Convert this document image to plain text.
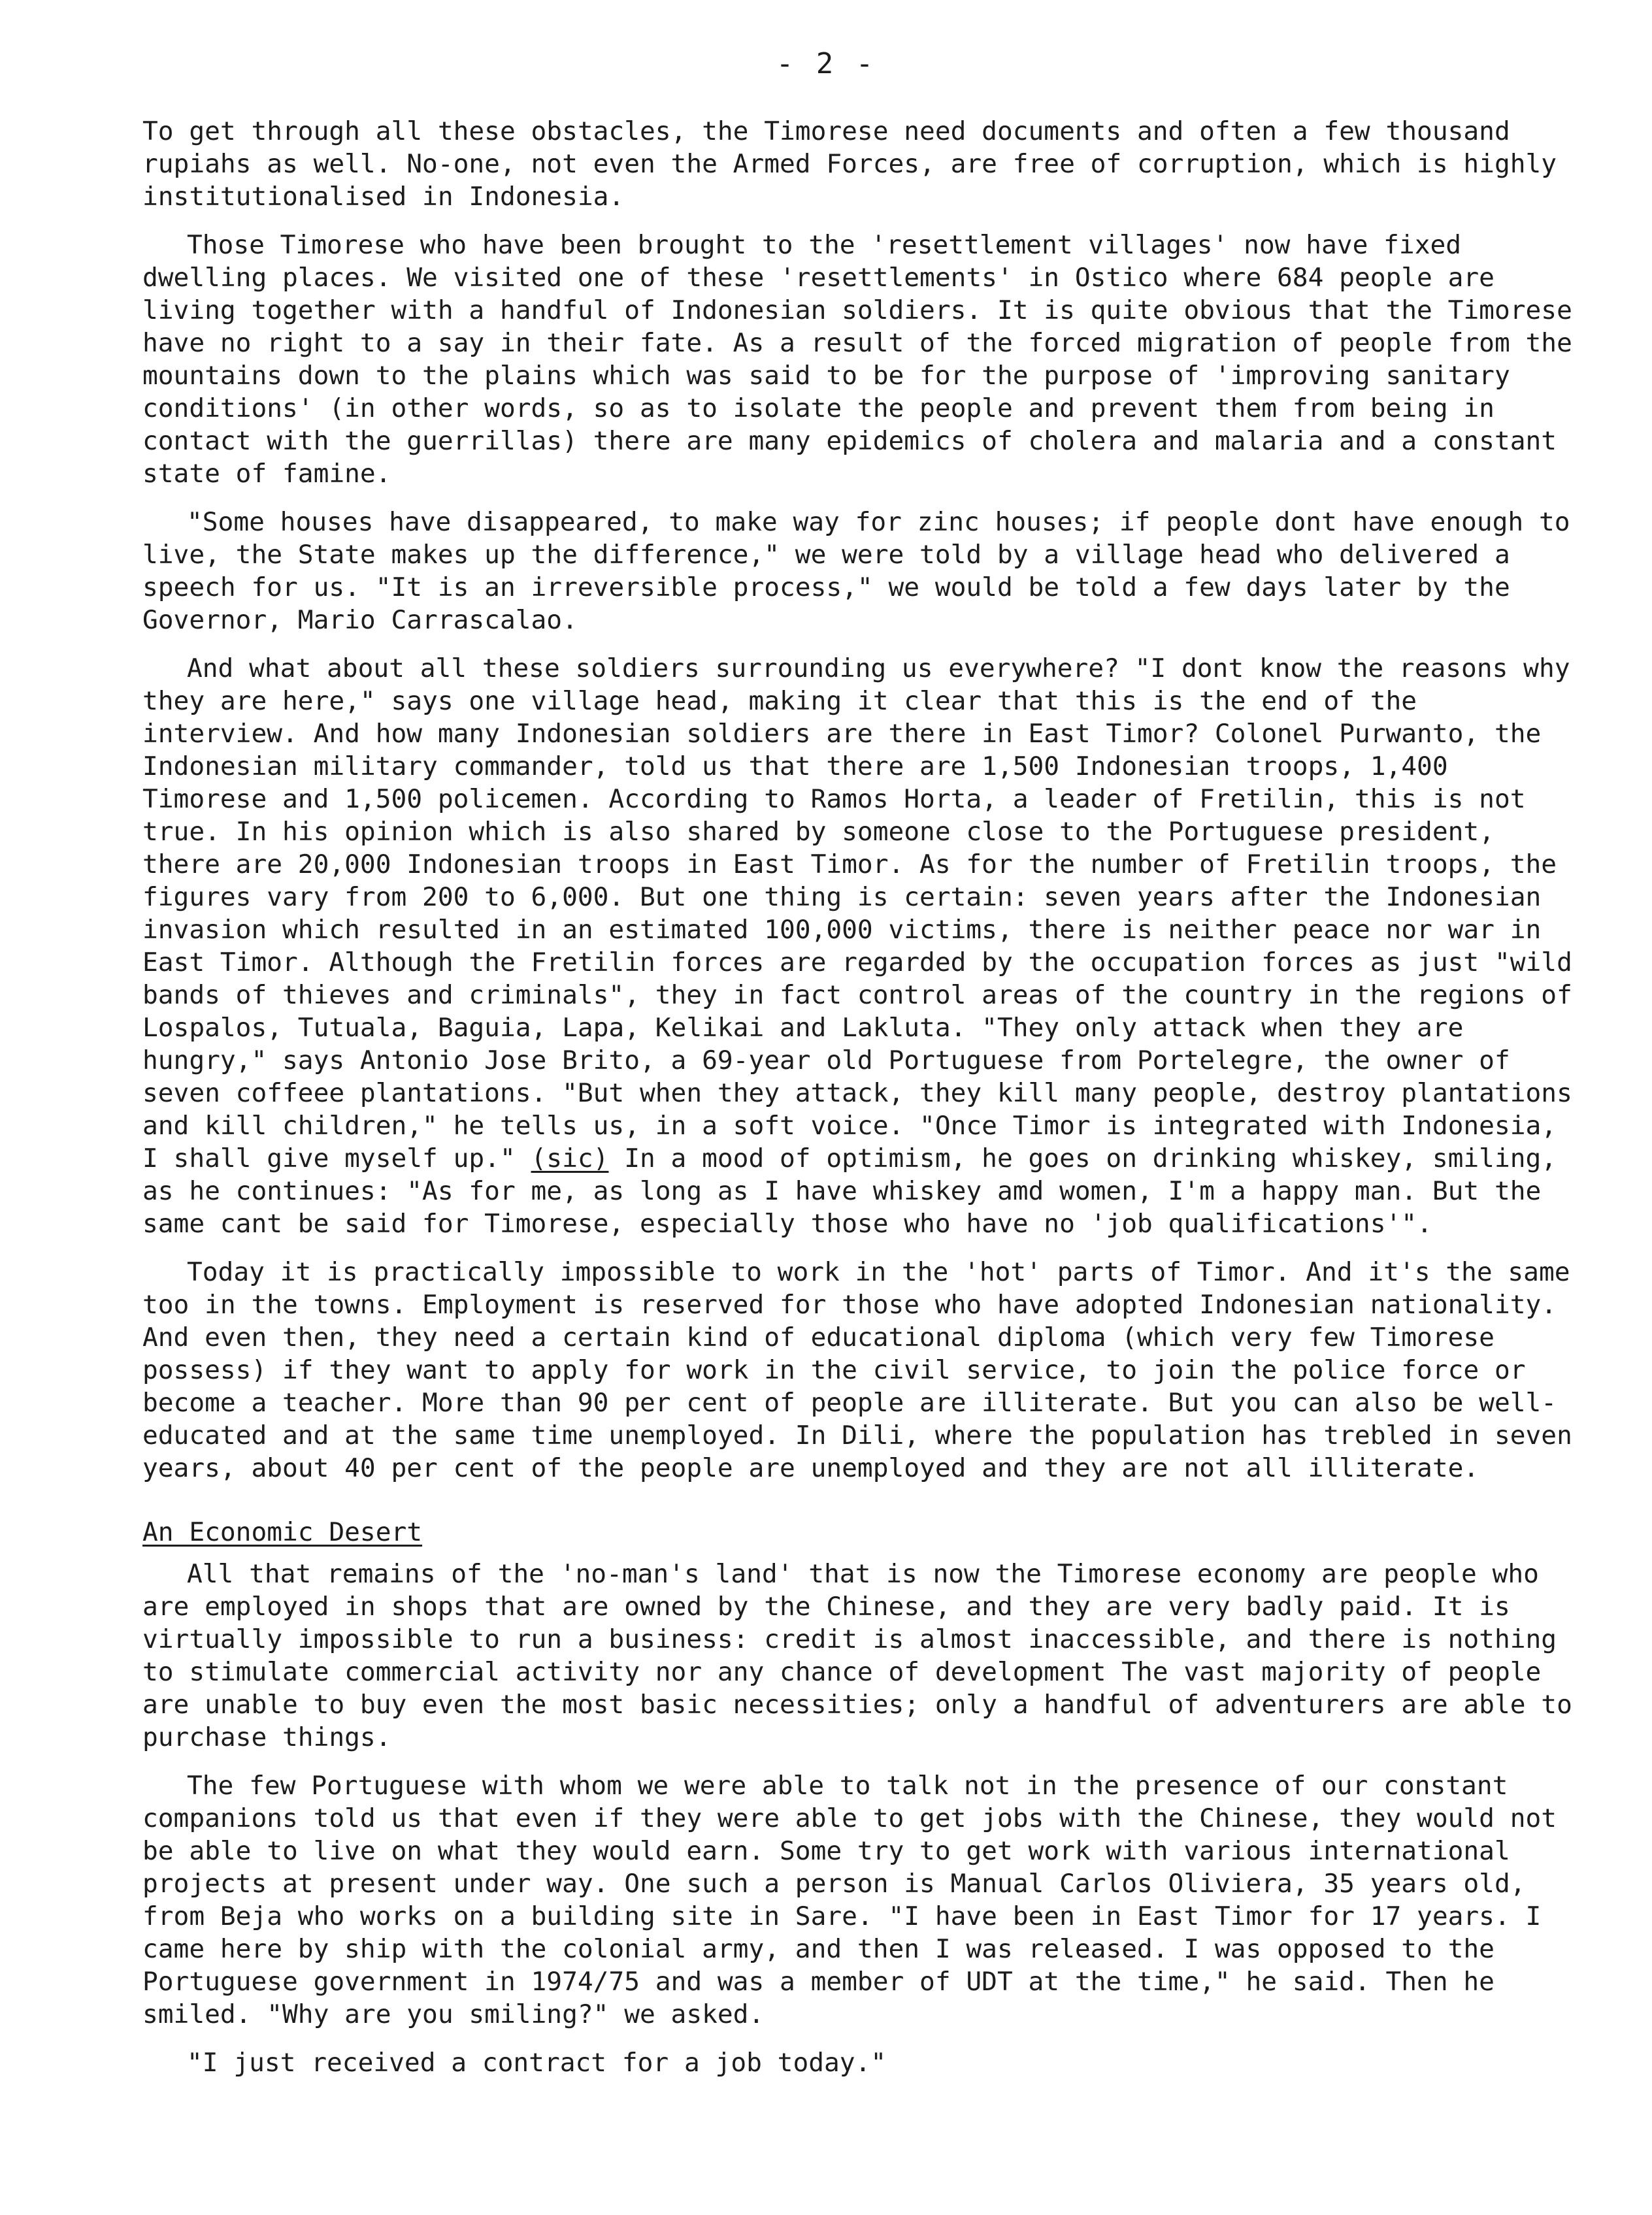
- 2 -

To get through all these obstacles, the Timorese need documents and often a few thousand rupiahs as well. No-one, not even the Armed Forces, are free of corruption, which is highly institutionalised in Indonesia.

Those Timorese who have been brought to the 'resettlement villages' now have fixed dwelling places. We visited one of these 'resettlements' in Ostico where 684 people are living together with a handful of Indonesian soldiers. It is quite obvious that the Timorese have no right to a say in their fate. As a result of the forced migration of people from the mountains down to the plains which was said to be for the purpose of 'improving sanitary conditions' (in other words, so as to isolate the people and prevent them from being in contact with the guerrillas) there are many epidemics of cholera and malaria and a constant state of famine.

"Some houses have disappeared, to make way for zinc houses; if people dont have enough to live, the State makes up the difference," we were told by a village head who delivered a speech for us. "It is an irreversible process," we would be told a few days later by the Governor, Mario Carrascalao.

And what about all these soldiers surrounding us everywhere? "I dont know the reasons why they are here," says one village head, making it clear that this is the end of the interview. And how many Indonesian soldiers are there in East Timor? Colonel Purwanto, the Indonesian military commander, told us that there are 1,500 Indonesian troops, 1,400 Timorese and 1,500 policemen. According to Ramos Horta, a leader of Fretilin, this is not true. In his opinion which is also shared by someone close to the Portuguese president, there are 20,000 Indonesian troops in East Timor. As for the number of Fretilin troops, the figures vary from 200 to 6,000. But one thing is certain: seven years after the Indonesian invasion which resulted in an estimated 100,000 victims, there is neither peace nor war in East Timor. Although the Fretilin forces are regarded by the occupation forces as just "wild bands of thieves and criminals", they in fact control areas of the country in the regions of Lospalos, Tutuala, Baguia, Lapa, Kelikai and Lakluta. "They only attack when they are hungry," says Antonio Jose Brito, a 69-year old Portuguese from Portelegre, the owner of seven coffeee plantations. "But when they attack, they kill many people, destroy plantations and kill children," he tells us, in a soft voice. "Once Timor is integrated with Indonesia, I shall give myself up." (sic) In a mood of optimism, he goes on drinking whiskey, smiling, as he continues: "As for me, as long as I have whiskey amd women, I'm a happy man. But the same cant be said for Timorese, especially those who have no 'job qualifications'".

Today it is practically impossible to work in the 'hot' parts of Timor. And it's the same too in the towns. Employment is reserved for those who have adopted Indonesian nationality. And even then, they need a certain kind of educational diploma (which very few Timorese possess) if they want to apply for work in the civil service, to join the police force or become a teacher. More than 90 per cent of people are illiterate. But you can also be well-educated and at the same time unemployed. In Dili, where the population has trebled in seven years, about 40 per cent of the people are unemployed and they are not all illiterate.

An Economic Desert

All that remains of the 'no-man's land' that is now the Timorese economy are people who are employed in shops that are owned by the Chinese, and they are very badly paid. It is virtually impossible to run a business: credit is almost inaccessible, and there is nothing to stimulate commercial activity nor any chance of development The vast majority of people are unable to buy even the most basic necessities; only a handful of adventurers are able to purchase things.

The few Portuguese with whom we were able to talk not in the presence of our constant companions told us that even if they were able to get jobs with the Chinese, they would not be able to live on what they would earn. Some try to get work with various international projects at present under way. One such a person is Manual Carlos Oliviera, 35 years old, from Beja who works on a building site in Sare. "I have been in East Timor for 17 years. I came here by ship with the colonial army, and then I was released. I was opposed to the Portuguese government in 1974/75 and was a member of UDT at the time," he said. Then he smiled. "Why are you smiling?" we asked.

"I just received a contract for a job today."
